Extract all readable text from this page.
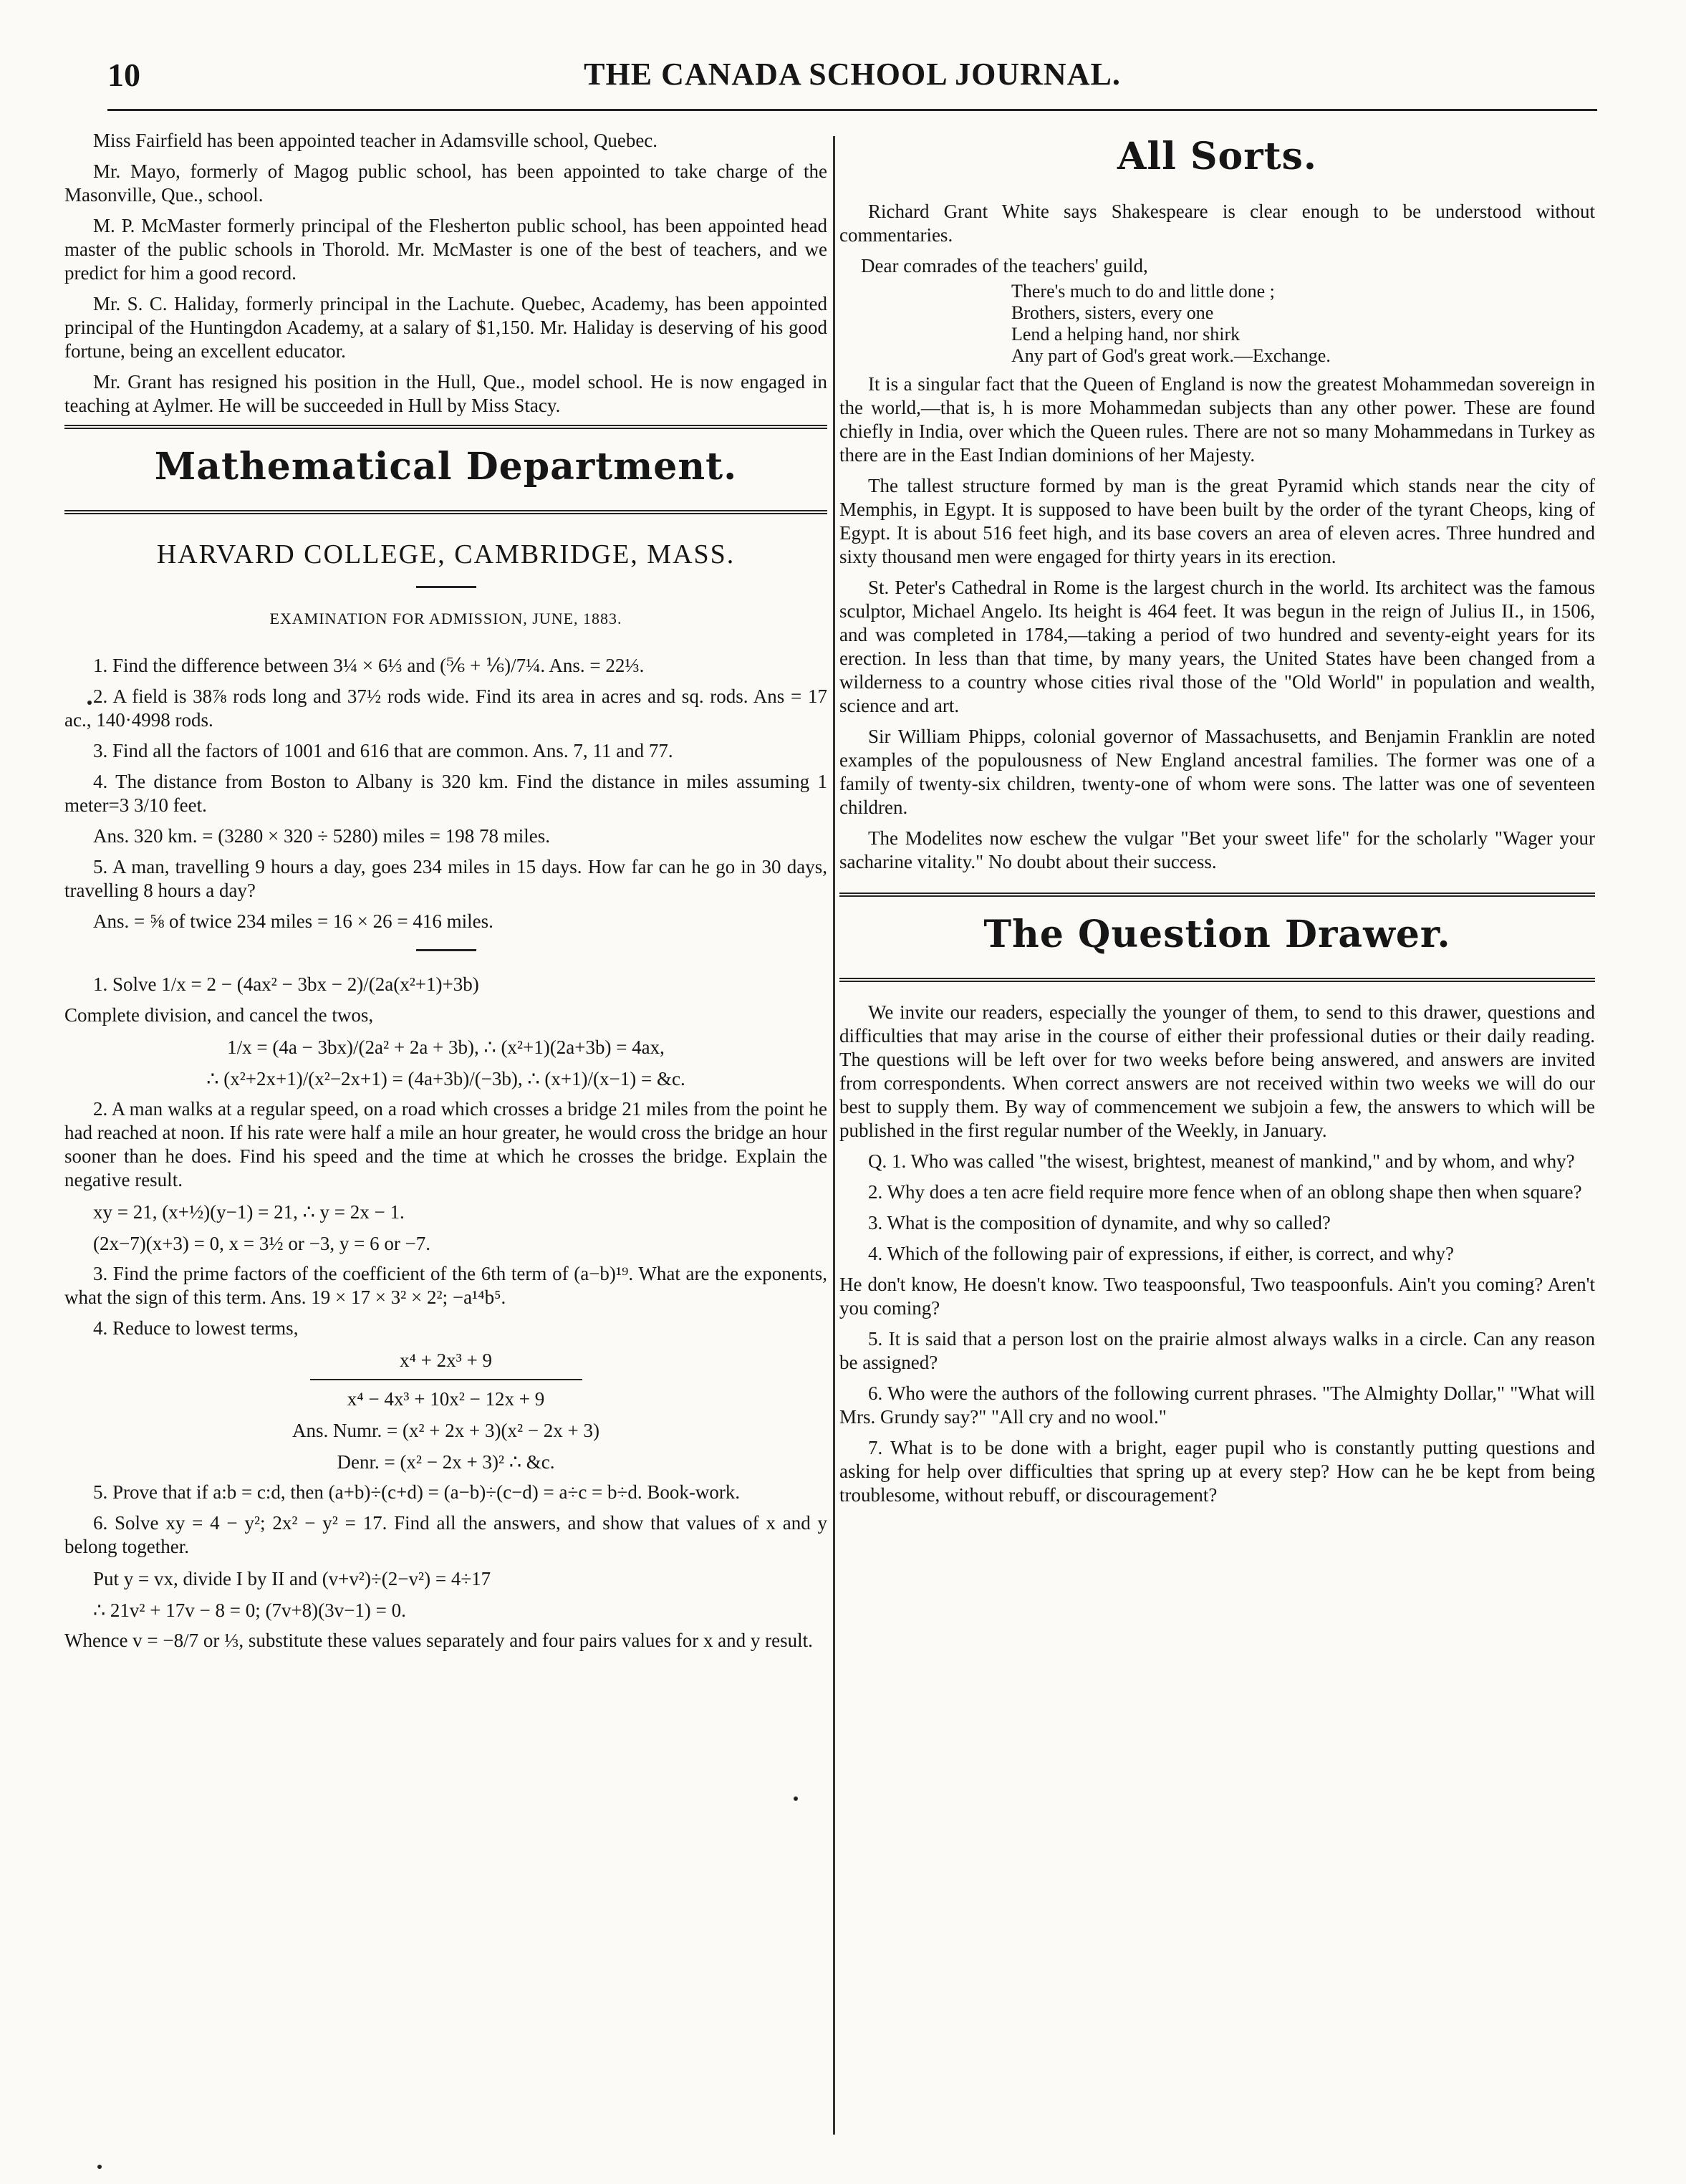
10	THE CANADA SCHOOL JOURNAL.

Miss Fairfield has been appointed teacher in Adamsville school, Quebec.

Mr. Mayo, formerly of Magog public school, has been appointed to take charge of the Masonville, Que., school.

M. P. McMaster formerly principal of the Flesherton public school, has been appointed head master of the public schools in Thorold. Mr. McMaster is one of the best of teachers, and we predict for him a good record.

Mr. S. C. Haliday, formerly principal in the Lachute. Quebec, Academy, has been appointed principal of the Huntingdon Academy, at a salary of $1,150. Mr. Haliday is deserving of his good fortune, being an excellent educator.

Mr. Grant has resigned his position in the Hull, Que., model school. He is now engaged in teaching at Aylmer. He will be succeeded in Hull by Miss Stacy.

Mathematical Department.
HARVARD COLLEGE, CAMBRIDGE, MASS.
EXAMINATION FOR ADMISSION, JUNE, 1883.

1. Find the difference between 3¼ × 6⅓ and (⅚ + ⅙)/7¼. Ans. = 22⅓.

2. A field is 38⅞ rods long and 37½ rods wide. Find its area in acres and sq. rods. Ans = 17 ac., 140·4998 rods.

3. Find all the factors of 1001 and 616 that are common. Ans. 7, 11 and 77.

4. The distance from Boston to Albany is 320 km. Find the distance in miles assuming 1 meter=3 3/10 feet.

Ans. 320 km. = (3280 × 320 ÷ 5280) miles = 198 78 miles.

5. A man, travelling 9 hours a day, goes 234 miles in 15 days. How far can he go in 30 days, travelling 8 hours a day?

Ans. = ⅝ of twice 234 miles = 16 × 26 = 416 miles.

1. Solve 1/x = 2 − (4ax² − 3bx − 2)/(2a(x²+1)+3b)

Complete division, and cancel the twos,

1/x = (4a − 3bx)/(2a² + 2a + 3b), ∴ (x²+1)(2a+3b) = 4ax,
∴ (x²+2x+1)/(x²−2x+1) = (4a+3b)/(−3b), ∴ (x+1)/(x−1) = &c.

2. A man walks at a regular speed, on a road which crosses a bridge 21 miles from the point he had reached at noon. If his rate were half a mile an hour greater, he would cross the bridge an hour sooner than he does. Find his speed and the time at which he crosses the bridge. Explain the negative result.

xy = 21, (x+½)(y−1) = 21, ∴ y = 2x − 1.
(2x−7)(x+3) = 0, x = 3½ or −3, y = 6 or −7.

3. Find the prime factors of the coefficient of the 6th term of (a−b)¹⁹. What are the exponents, what the sign of this term. Ans. 19 × 17 × 3² × 2²; −a¹⁴b⁵.

4. Reduce to lowest terms,

x⁴ + 2x³ + 9
x⁴ − 4x³ + 10x² − 12x + 9
Ans. Numr. = (x² + 2x + 3)(x² − 2x + 3)
Denr. = (x² − 2x + 3)² ∴ &c.

5. Prove that if a:b = c:d, then (a+b)÷(c+d) = (a−b)÷(c−d) = a÷c = b÷d. Book-work.

6. Solve xy = 4 − y²; 2x² − y² = 17. Find all the answers, and show that values of x and y belong together.

Put y = vx, divide I by II and (v+v²)÷(2−v²) = 4÷17
∴ 21v² + 17v − 8 = 0; (7v+8)(3v−1) = 0.

Whence v = −8/7 or ⅓, substitute these values separately and four pairs values for x and y result.

All Sorts.

Richard Grant White says Shakespeare is clear enough to be understood without commentaries.

Dear comrades of the teachers' guild,
There's much to do and little done ;
Brothers, sisters, every one
Lend a helping hand, nor shirk
Any part of God's great work.—Exchange.

It is a singular fact that the Queen of England is now the greatest Mohammedan sovereign in the world,—that is, h is more Mohammedan subjects than any other power. These are found chiefly in India, over which the Queen rules. There are not so many Mohammedans in Turkey as there are in the East Indian dominions of her Majesty.

The tallest structure formed by man is the great Pyramid which stands near the city of Memphis, in Egypt. It is supposed to have been built by the order of the tyrant Cheops, king of Egypt. It is about 516 feet high, and its base covers an area of eleven acres. Three hundred and sixty thousand men were engaged for thirty years in its erection.

St. Peter's Cathedral in Rome is the largest church in the world. Its architect was the famous sculptor, Michael Angelo. Its height is 464 feet. It was begun in the reign of Julius II., in 1506, and was completed in 1784,—taking a period of two hundred and seventy-eight years for its erection. In less than that time, by many years, the United States have been changed from a wilderness to a country whose cities rival those of the "Old World" in population and wealth, science and art.

Sir William Phipps, colonial governor of Massachusetts, and Benjamin Franklin are noted examples of the populousness of New England ancestral families. The former was one of a family of twenty-six children, twenty-one of whom were sons. The latter was one of seventeen children.

The Modelites now eschew the vulgar "Bet your sweet life" for the scholarly "Wager your sacharine vitality." No doubt about their success.

The Question Drawer.

We invite our readers, especially the younger of them, to send to this drawer, questions and difficulties that may arise in the course of either their professional duties or their daily reading. The questions will be left over for two weeks before being answered, and answers are invited from correspondents. When correct answers are not received within two weeks we will do our best to supply them. By way of commencement we subjoin a few, the answers to which will be published in the first regular number of the Weekly, in January.

Q. 1. Who was called "the wisest, brightest, meanest of mankind," and by whom, and why?

2. Why does a ten acre field require more fence when of an oblong shape then when square?

3. What is the composition of dynamite, and why so called?

4. Which of the following pair of expressions, if either, is correct, and why?

He don't know, He doesn't know. Two teaspoonsful, Two teaspoonfuls. Ain't you coming? Aren't you coming?

5. It is said that a person lost on the prairie almost always walks in a circle. Can any reason be assigned?

6. Who were the authors of the following current phrases. "The Almighty Dollar," "What will Mrs. Grundy say?" "All cry and no wool."

7. What is to be done with a bright, eager pupil who is constantly putting questions and asking for help over difficulties that spring up at every step? How can he be kept from being troublesome, without rebuff, or discouragement?
